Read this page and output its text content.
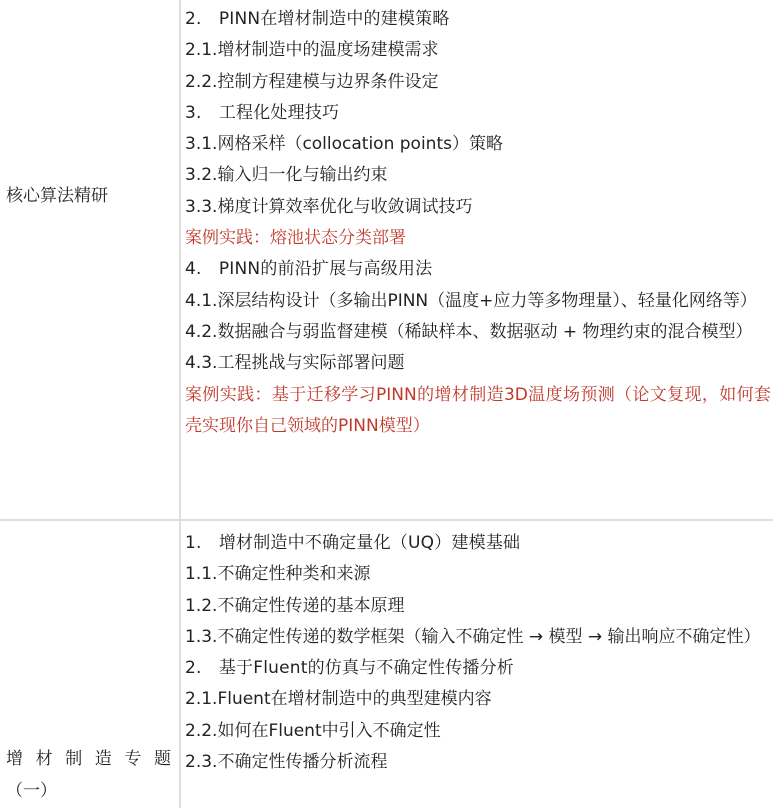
核心算法精研
2.　PINN在增材制造中的建模策略
2.1.增材制造中的温度场建模需求
2.2.控制方程建模与边界条件设定
3.　工程化处理技巧
3.1.网格采样（collocation points）策略
3.2.输入归一化与输出约束
3.3.梯度计算效率优化与收敛调试技巧
案例实践：熔池状态分类部署
4.　PINN的前沿扩展与高级用法
4.1.深层结构设计（多输出PINN（温度+应力等多物理量）、轻量化网络等）
4.2.数据融合与弱监督建模（稀缺样本、数据驱动 + 物理约束的混合模型）
4.3.工程挑战与实际部署问题
案例实践：基于迁移学习PINN的增材制造3D温度场预测（论文复现，如何套壳实现你自己领域的PINN模型）
增材制造专题
（一）
1.　增材制造中不确定量化（UQ）建模基础
1.1.不确定性种类和来源
1.2.不确定性传递的基本原理
1.3.不确定性传递的数学框架（输入不确定性 → 模型 → 输出响应不确定性）
2.　基于Fluent的仿真与不确定性传播分析
2.1.Fluent在增材制造中的典型建模内容
2.2.如何在Fluent中引入不确定性
2.3.不确定性传播分析流程
